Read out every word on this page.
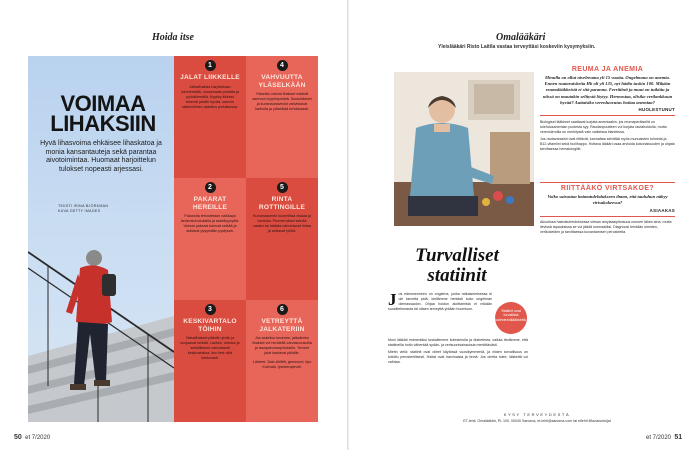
Hoida itse
VOIMAA
LIHAKSIIN
Hyvä lihasvoima ehkäisee lihaskatoa ja monia kansantauteja sekä parantaa aivotoimintaa. Huomaat harjoittelun tulokset nopeasti arjessasi.
TEKSTI IRINA BJÖRKMAN
KUVA GETTY IMAGES
1
JALAT LIIKKELLE

Jalkalihaksia harjoitetaan kävelemällä, nousemalla portaita ja pyöräilemällä. Kyykky liikkeet tekevät jaloille hyvää, samoin säännöllinen askellus portaikossa.

4
VAHVUUTTA YLÄSELKÄÄN

Yläselän vahvat lihakset estävät asennon kyyristymistä. Soutuliikkeet ja kuminauhavedot vahvistavat hartioita ja yläselkää tehokkaasti.

2
PAKARAT HEREILLE

Pakaroita tehostetaan vaikkapa lantionkohotuksilla ja askelkyykyillä. Vahvat pakarat tukevat selkää ja auttavat pysymään pystyssä.

5
RINTA ROTTINGILLE

Kumaraasento kuormittaa niskaa ja hartioita. Punnerrukset seinää vasten tai lattialla vahvistavat rintaa ja auttavat ryhtiä.

3
KESKIVARTALO TÖIHIN

Vatsalihakset pitävät ryhdin ja suojaavat selkää. Lankku, rutistus ja selkäliikkeet vahvistavat keskivartaloa, kun teet niitä toistuvasti.

6
VETREYTTÄ JALKATERIIN

Jos askellus kevenee, jalkaterien lihakset voi herätellä varvasnousuilla ja tasapainoharjoituksilla. Terveet jalat kantavat pitkälle.

Lähteet: Sato Ahlfelt, geronomi; Ilpo Kulmala, fysioterapeutti.

50 et 7/2020
Omalääkäri
Yleislääkäri Risto Laitila vastaa terveyttäsi koskeviin kysymyksiin.
Turvalliset
statiinit
J os edesmenneen on ongelma, jonka ratkaisemisessa ei ole tarvetta pidä, kiellämme herkästi koko ongelman olemassaolon. Ohjaa hoidon aloittamista ei mikään suosittelemasta tai ottaen terveyttä yhtään huomioon.

Moni lääkäri esimerkiksi tuskailemme kolesterolia ja diabetesta, vaikka tiedämme, että statiineilla hoito vähentää sydän- ja verisuonisairauksia merkittävästi.

Mietin vielä: statiinit ovat olleet käytössä vuosikymmeniä, ja niiden turvallisuus on tutkittu perusteellisesti. Haitat ovat harvinaisia ja lieviä. Jos oireita tulee, lääkettä voi vaihtaa.

Statiinit ovat turvallisia kolesterolilääkkeitä.
REUMA JA ANEMIA
Minulla on ollut nivelreuma yli 15 vuotta. Ongelmana on anemia. Ennen rautaruiskeita Hb oli yli 135, nyt hädin tuskin 100. Mikään reumalääkkeistä ei sitä paranna. Ferritiinit ja muut on tutkittu ja niissä on muutakin selitystä löytyy. Hermostaa, olisiko verilankkuun hyvää? Auttaisiko verenluovutus hoitaa anemiaa?
HUOLESTUNUT

Biologiset lääkkeet saattavat korjata anemiaakin, jos reumaperäisellä on tulehdusanemian puolesta syy. Raudanpuutteen voi korjata rautahoidolla, mutta verensiirroilla on merkitystä vain vaikeissa tilanteissa.

Jos rautavarastot ovat riittävät, kannattaa selvittää myös munuaisten toiminta ja B12-vitamiini sekä foolihappo. Hoitava lääkäri osaa arvioida kokonaisuuden ja ohjata tarvittaessa hematologille.

RIITTÄÄKÖ VIRTSAKOE?
Voiko sairastua haimatulehdukseen ilman, että tauluhun näkyy virtsakokeessa?
ASIAAKAS

Akuutissa haimatulehduksessa virtsan amylaasipitoisuus nousee lähes aina, mutta lievissä tapauksissa se voi jäädä normaaliksi. Diagnoosi tehdään oireiden, verikokeiden ja tarvittaessa kuvantamisen perusteella.

KYSY TERVEYDESTÄ
ET-lehti, Omalääkäri, PL 100, 00040 Sanoma, et.lehti@sanoma.com tai etlehti.fi/lazaruntuljat
et 7/2020 51
